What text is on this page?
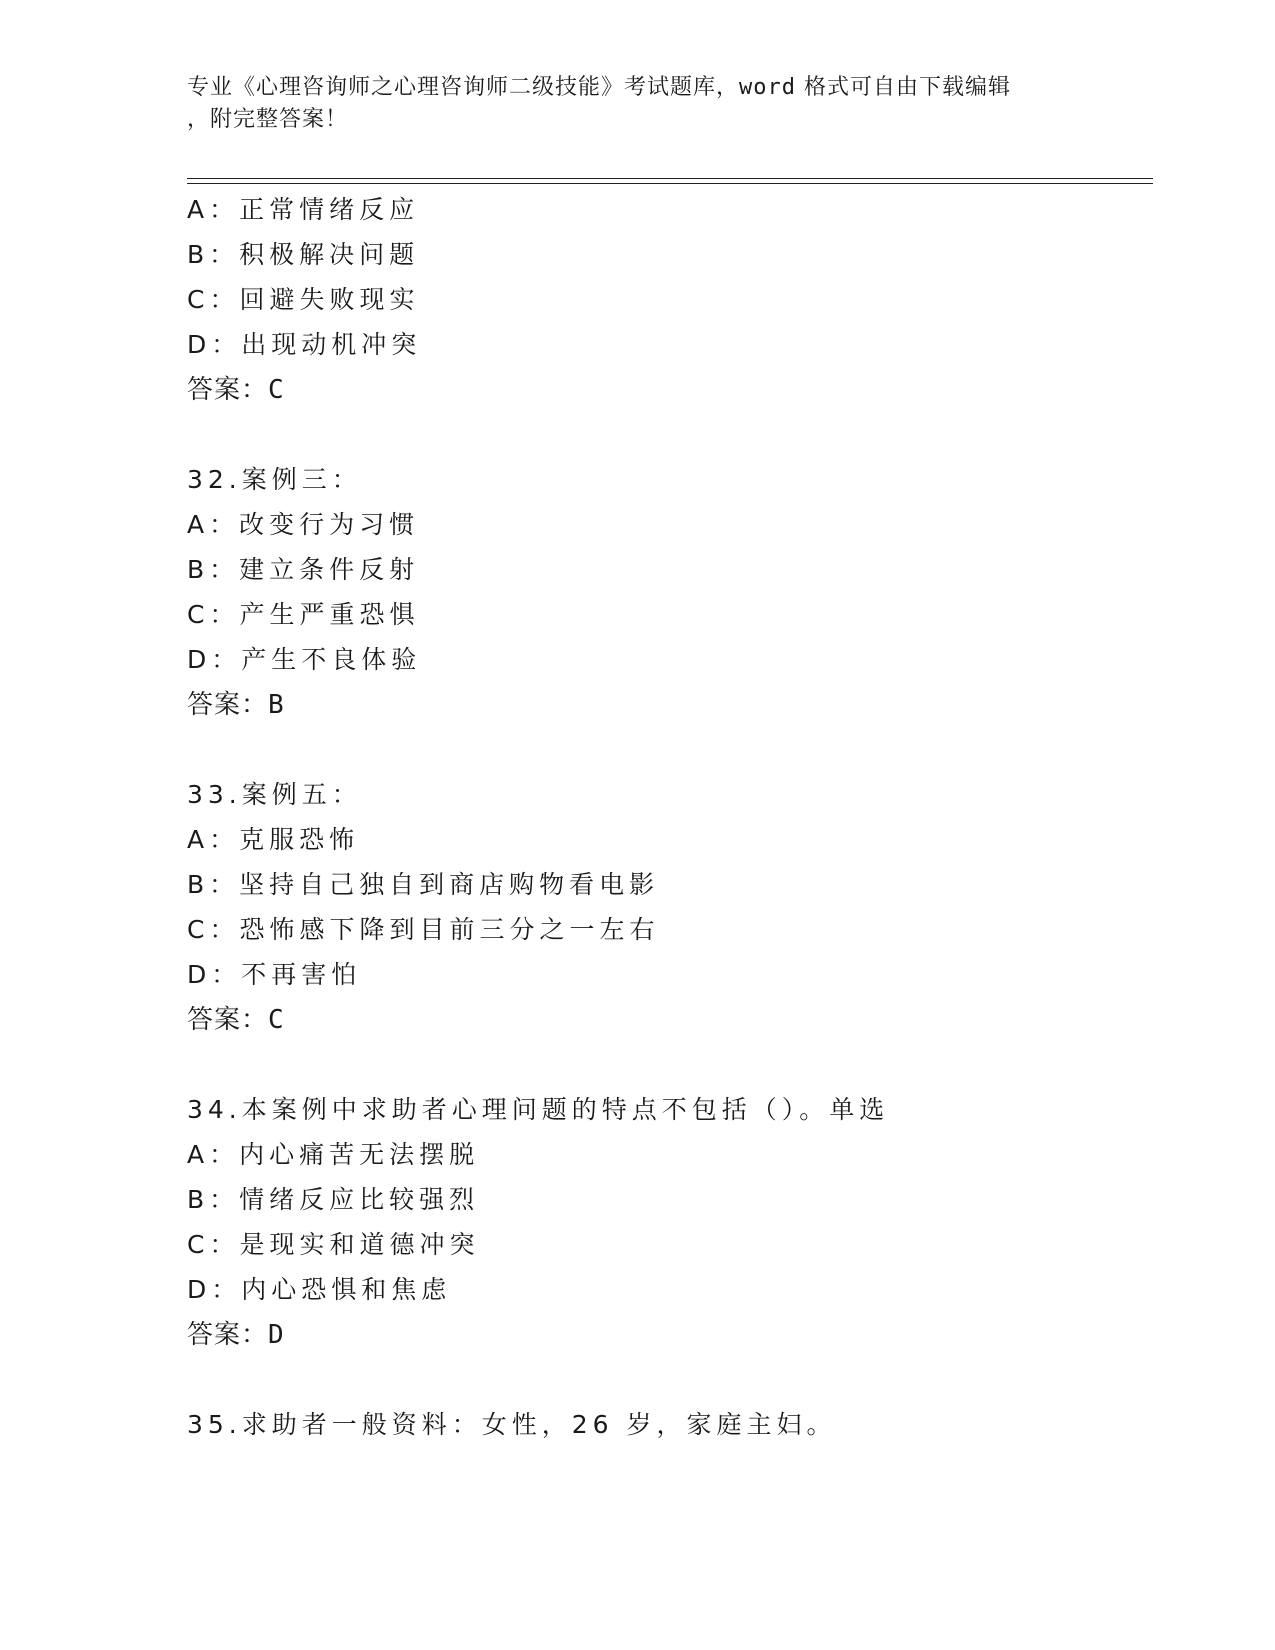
专业《心理咨询师之心理咨询师二级技能》考试题库，word 格式可自由下载编辑
，附完整答案！
A：正常情绪反应
B：积极解决问题
C：回避失败现实
D：出现动机冲突
答案：C
32.案例三：
A：改变行为习惯
B：建立条件反射
C：产生严重恐惧
D：产生不良体验
答案：B
33.案例五：
A：克服恐怖
B：坚持自己独自到商店购物看电影
C：恐怖感下降到目前三分之一左右
D：不再害怕
答案：C
34.本案例中求助者心理问题的特点不包括（）。单选
A：内心痛苦无法摆脱
B：情绪反应比较强烈
C：是现实和道德冲突
D：内心恐惧和焦虑
答案：D
35.求助者一般资料：女性，26 岁，家庭主妇。
